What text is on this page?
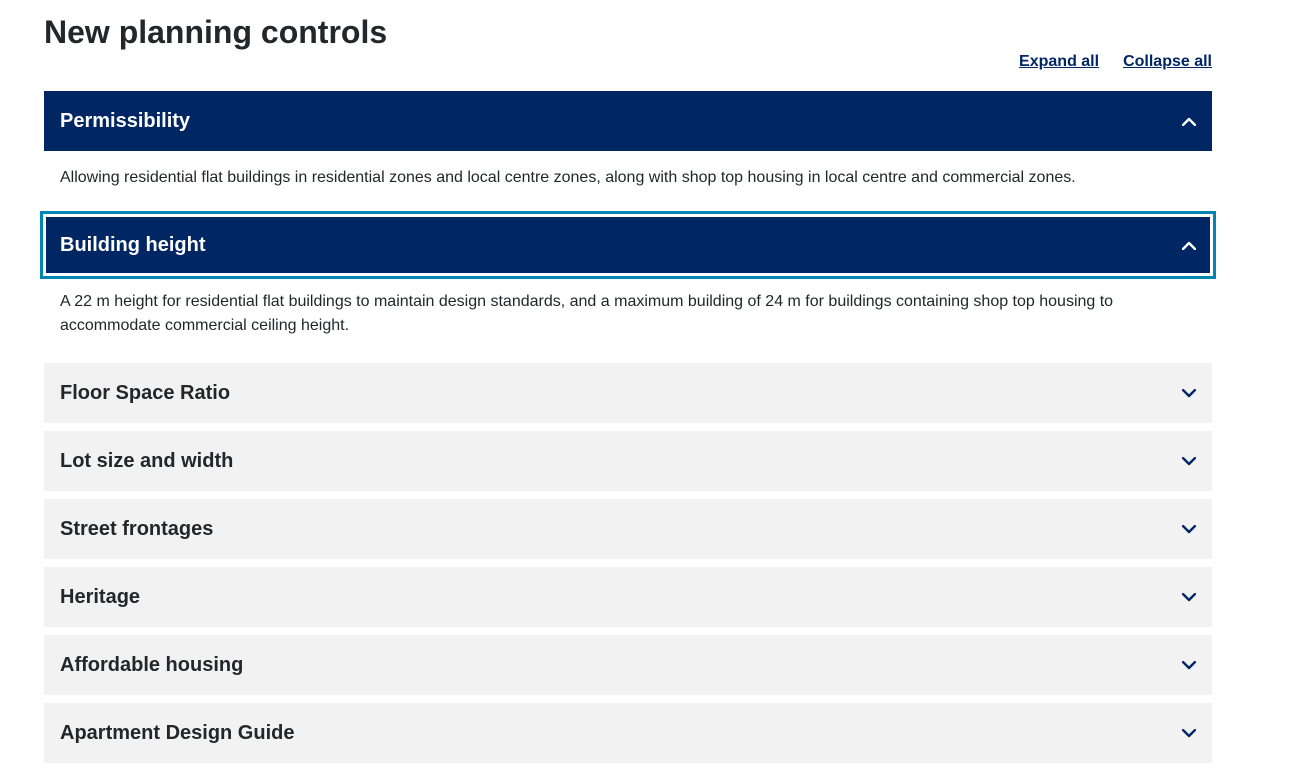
New planning controls
Expand all Collapse all
Permissibility
Allowing residential flat buildings in residential zones and local centre zones, along with shop top housing in local centre and commercial zones.
Building height
A 22 m height for residential flat buildings to maintain design standards, and a maximum building of 24 m for buildings containing shop top housing to accommodate commercial ceiling height.
Floor Space Ratio
Lot size and width
Street frontages
Heritage
Affordable housing
Apartment Design Guide
